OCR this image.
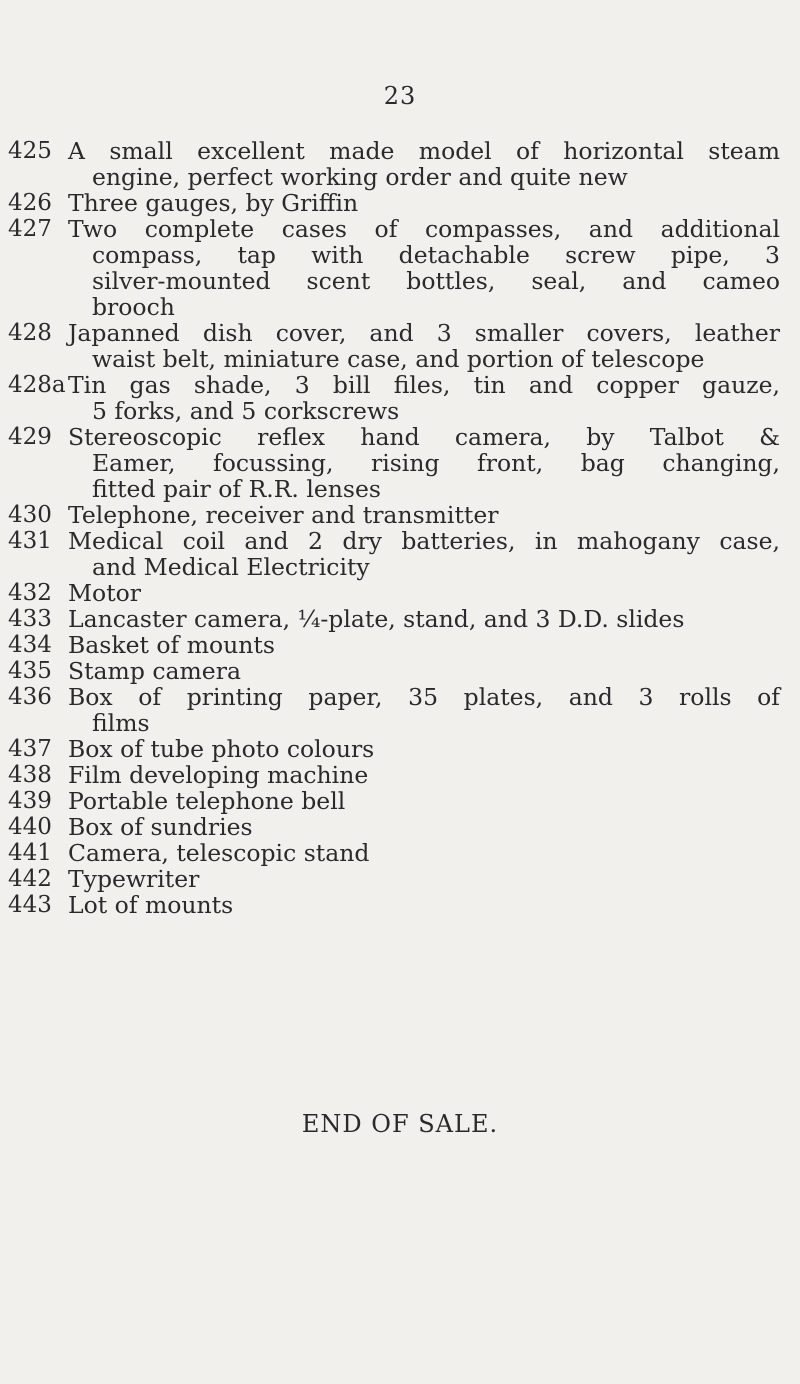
23
425 A small excellent made model of horizontal steam
engine, perfect working order and quite new
426 Three gauges, by Griffin
427 Two complete cases of compasses, and additional
compass, tap with detachable screw pipe, 3
silver-mounted scent bottles, seal, and cameo
brooch
428 Japanned dish cover, and 3 smaller covers, leather
waist belt, miniature case, and portion of telescope
428a Tin gas shade, 3 bill files, tin and copper gauze,
5 forks, and 5 corkscrews
429 Stereoscopic reflex hand camera, by Talbot &
Eamer, focussing, rising front, bag changing,
fitted pair of R.R. lenses
430 Telephone, receiver and transmitter
431 Medical coil and 2 dry batteries, in mahogany case,
and Medical Electricity
432 Motor
433 Lancaster camera, ¼-plate, stand, and 3 D.D. slides
434 Basket of mounts
435 Stamp camera
436 Box of printing paper, 35 plates, and 3 rolls of
films
437 Box of tube photo colours
438 Film developing machine
439 Portable telephone bell
440 Box of sundries
441 Camera, telescopic stand
442 Typewriter
443 Lot of mounts
END OF SALE.
